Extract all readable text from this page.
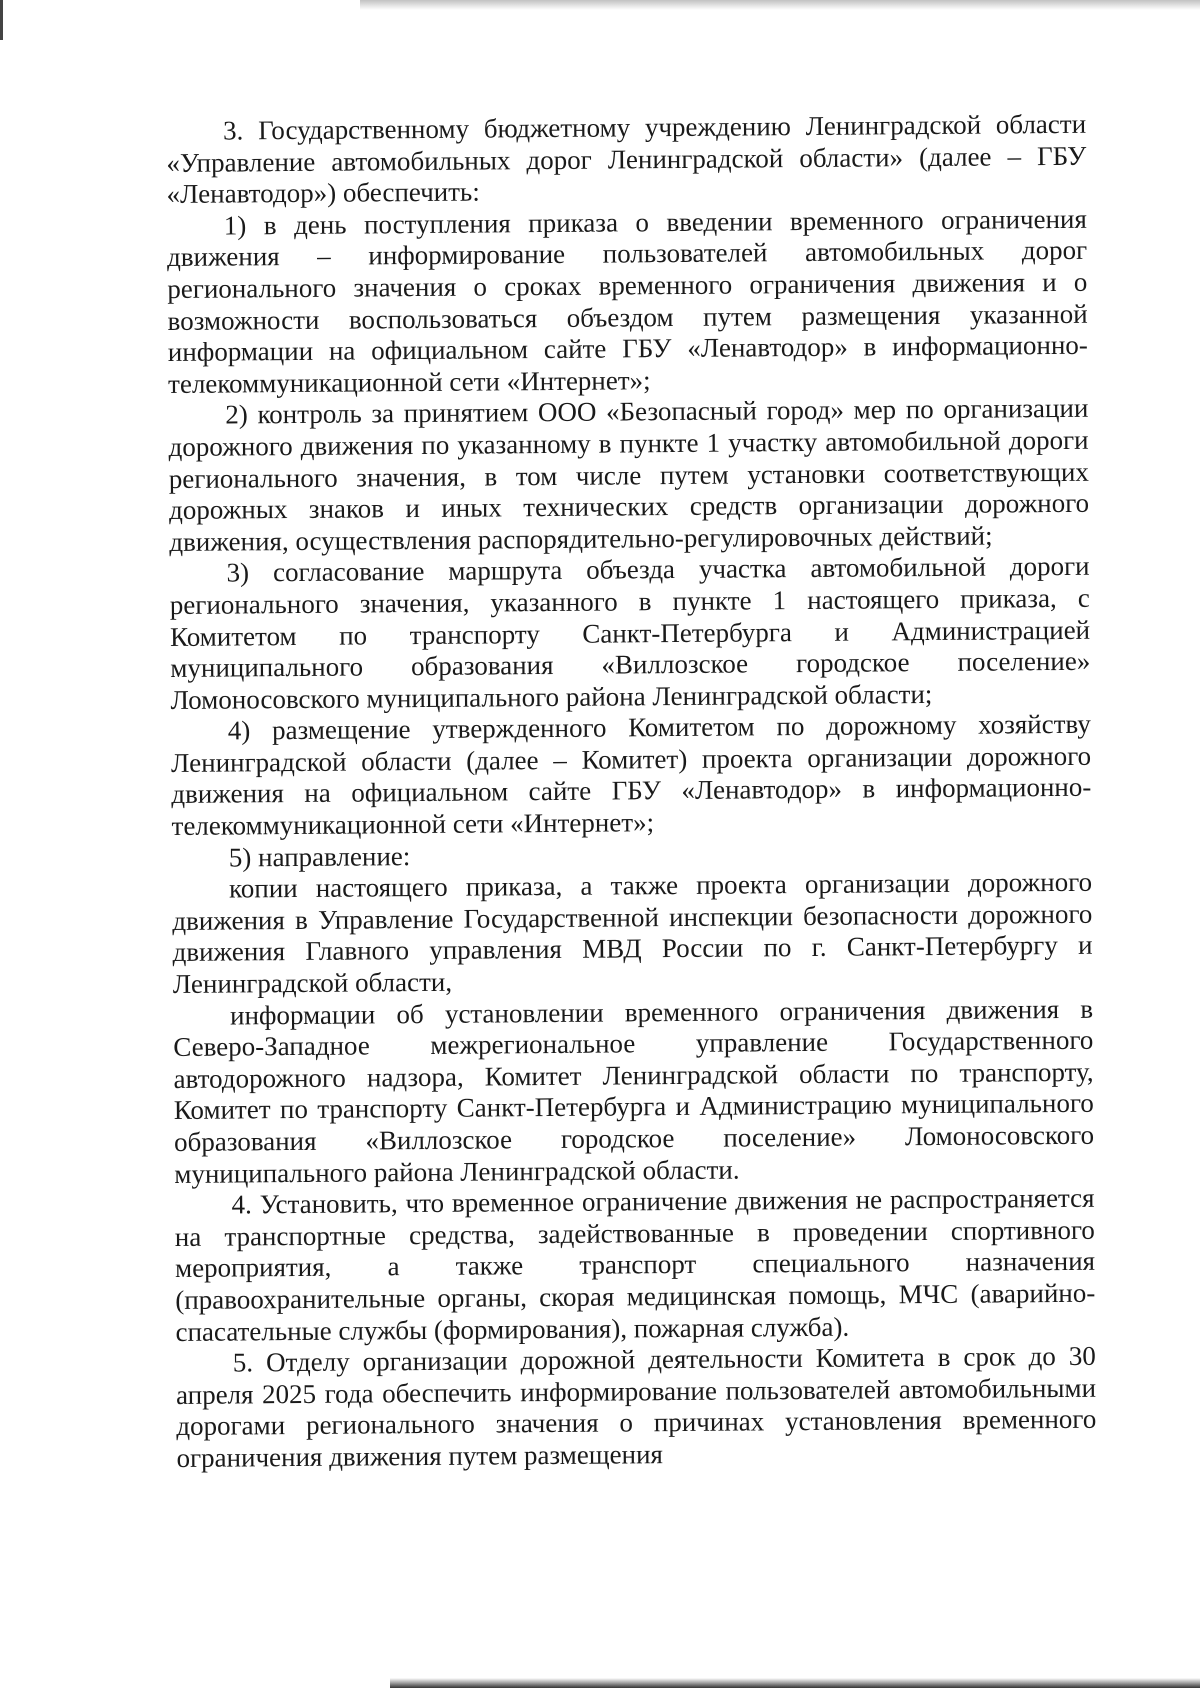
3. Государственному бюджетному учреждению Ленинградской области «Управление автомобильных дорог Ленинградской области» (далее – ГБУ «Ленавтодор») обеспечить:

1) в день поступления приказа о введении временного ограничения движения – информирование пользователей автомобильных дорог регионального значения о сроках временного ограничения движения и о возможности воспользоваться объездом путем размещения указанной информации на официальном сайте ГБУ «Ленавтодор» в информационно-телекоммуникационной сети «Интернет»;

2) контроль за принятием ООО «Безопасный город» мер по организации дорожного движения по указанному в пункте 1 участку автомобильной дороги регионального значения, в том числе путем установки соответствующих дорожных знаков и иных технических средств организации дорожного движения, осуществления распорядительно-регулировочных действий;

3) согласование маршрута объезда участка автомобильной дороги регионального значения, указанного в пункте 1 настоящего приказа, с Комитетом по транспорту Санкт-Петербурга и Администрацией муниципального образования «Виллозское городское поселение» Ломоносовского муниципального района Ленинградской области;

4) размещение утвержденного Комитетом по дорожному хозяйству Ленинградской области (далее – Комитет) проекта организации дорожного движения на официальном сайте ГБУ «Ленавтодор» в информационно-телекоммуникационной сети «Интернет»;

5) направление:

копии настоящего приказа, а также проекта организации дорожного движения в Управление Государственной инспекции безопасности дорожного движения Главного управления МВД России по г. Санкт-Петербургу и Ленинградской области,

информации об установлении временного ограничения движения в Северо-Западное межрегиональное управление Государственного автодорожного надзора, Комитет Ленинградской области по транспорту, Комитет по транспорту Санкт-Петербурга и Администрацию муниципального образования «Виллозское городское поселение» Ломоносовского муниципального района Ленинградской области.

4. Установить, что временное ограничение движения не распространяется на транспортные средства, задействованные в проведении спортивного мероприятия, а также транспорт специального назначения (правоохранительные органы, скорая медицинская помощь, МЧС (аварийно-спасательные службы (формирования), пожарная служба).

5. Отделу организации дорожной деятельности Комитета в срок до 30 апреля 2025 года обеспечить информирование пользователей автомобильными дорогами регионального значения о причинах установления временного ограничения движения путем размещения
